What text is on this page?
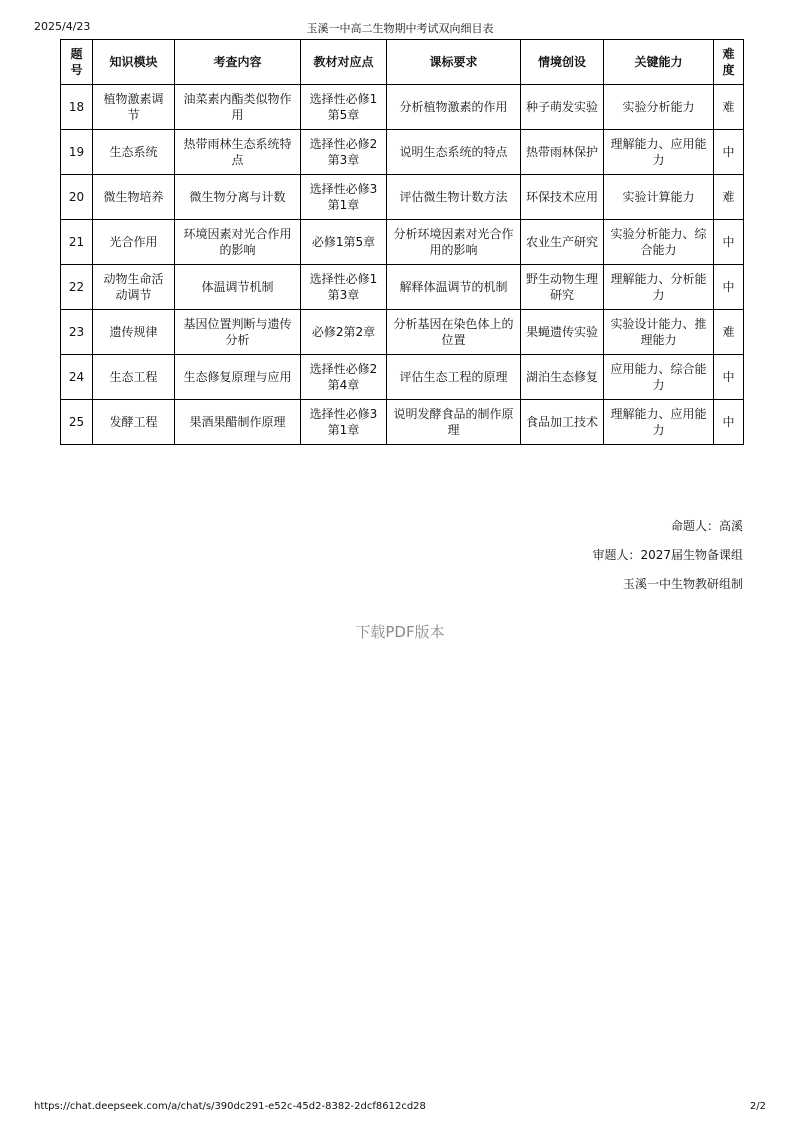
2025/4/23	玉溪一中高二生物期中考试双向细目表
题号	知识模块	考查内容	教材对应点	课标要求	情境创设	关键能力	难度
18	植物激素调节	油菜素内酯类似物作用	选择性必修1第5章	分析植物激素的作用	种子萌发实验	实验分析能力	难
19	生态系统	热带雨林生态系统特点	选择性必修2第3章	说明生态系统的特点	热带雨林保护	理解能力、应用能力	中
20	微生物培养	微生物分离与计数	选择性必修3第1章	评估微生物计数方法	环保技术应用	实验计算能力	难
21	光合作用	环境因素对光合作用的影响	必修1第5章	分析环境因素对光合作用的影响	农业生产研究	实验分析能力、综合能力	中
22	动物生命活动调节	体温调节机制	选择性必修1第3章	解释体温调节的机制	野生动物生理研究	理解能力、分析能力	中
23	遗传规律	基因位置判断与遗传分析	必修2第2章	分析基因在染色体上的位置	果蝇遗传实验	实验设计能力、推理能力	难
24	生态工程	生态修复原理与应用	选择性必修2第4章	评估生态工程的原理	湖泊生态修复	应用能力、综合能力	中
25	发酵工程	果酒果醋制作原理	选择性必修3第1章	说明发酵食品的制作原理	食品加工技术	理解能力、应用能力	中
命题人：高溪
审题人：2027届生物备课组
玉溪一中生物教研组制
下载PDF版本
https://chat.deepseek.com/a/chat/s/390dc291-e52c-45d2-8382-2dcf8612cd28	2/2
